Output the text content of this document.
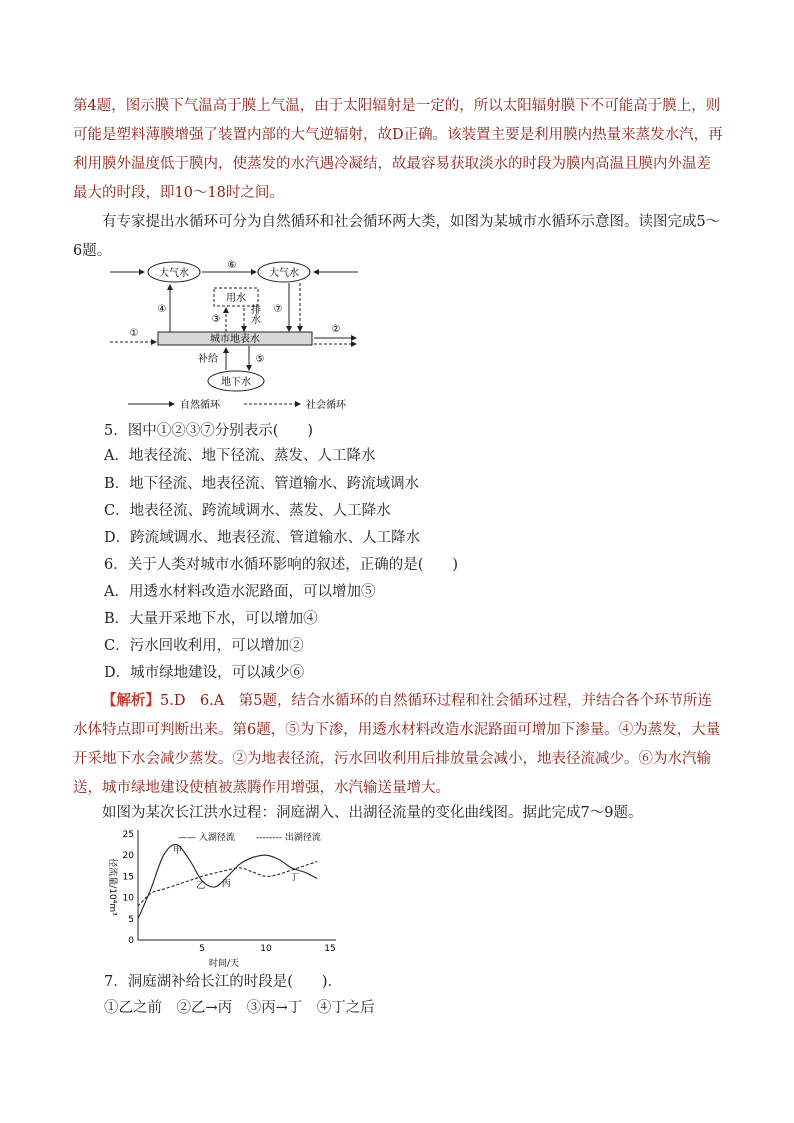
第4题，图示膜下气温高于膜上气温，由于太阳辐射是一定的，所以太阳辐射膜下不可能高于膜上，则可能是塑料薄膜增强了装置内部的大气逆辐射，故D正确。该装置主要是利用膜内热量来蒸发水汽，再利用膜外温度低于膜内，使蒸发的水汽遇冷凝结，故最容易获取淡水的时段为膜内高温且膜内外温差最大的时段，即10～18时之间。

有专家提出水循环可分为自然循环和社会循环两大类，如图为某城市水循环示意图。读图完成5～6题。

大气水
⑥
大气水
④
用水
③	排水 ⑦
城市地表水
①	②
补给	⑤
地下水
自然循环	社会循环

5．图中①②③⑦分别表示(　　)

A．地表径流、地下径流、蒸发、人工降水

B．地下径流、地表径流、管道输水、跨流域调水

C．地表径流、跨流域调水、蒸发、人工降水

D．跨流域调水、地表径流、管道输水、人工降水

6．关于人类对城市水循环影响的叙述，正确的是(　　)

A．用透水材料改造水泥路面，可以增加⑤

B．大量开采地下水，可以增加④

C．污水回收利用，可以增加②

D．城市绿地建设，可以减少⑥

【解析】5.D　6.A　第5题，结合水循环的自然循环过程和社会循环过程，并结合各个环节所连水体特点即可判断出来。第6题，⑤为下渗，用透水材料改造水泥路面可增加下渗量。④为蒸发，大量开采地下水会减少蒸发。②为地表径流，污水回收利用后排放量会减小，地表径流减少。⑥为水汽输送，城市绿地建设使植被蒸腾作用增强，水汽输送量增大。

如图为某次长江洪水过程：洞庭湖入、出湖径流量的变化曲线图。据此完成7～9题。

0
5
10
15
20
25
5	10	15
时间/天
径流量/10⁴m³
—— 入湖径流 -------- 出湖径流
甲
乙 丙
丁

7．洞庭湖补给长江的时段是(　　).

①乙之前　②乙→丙　③丙→丁　④丁之后
